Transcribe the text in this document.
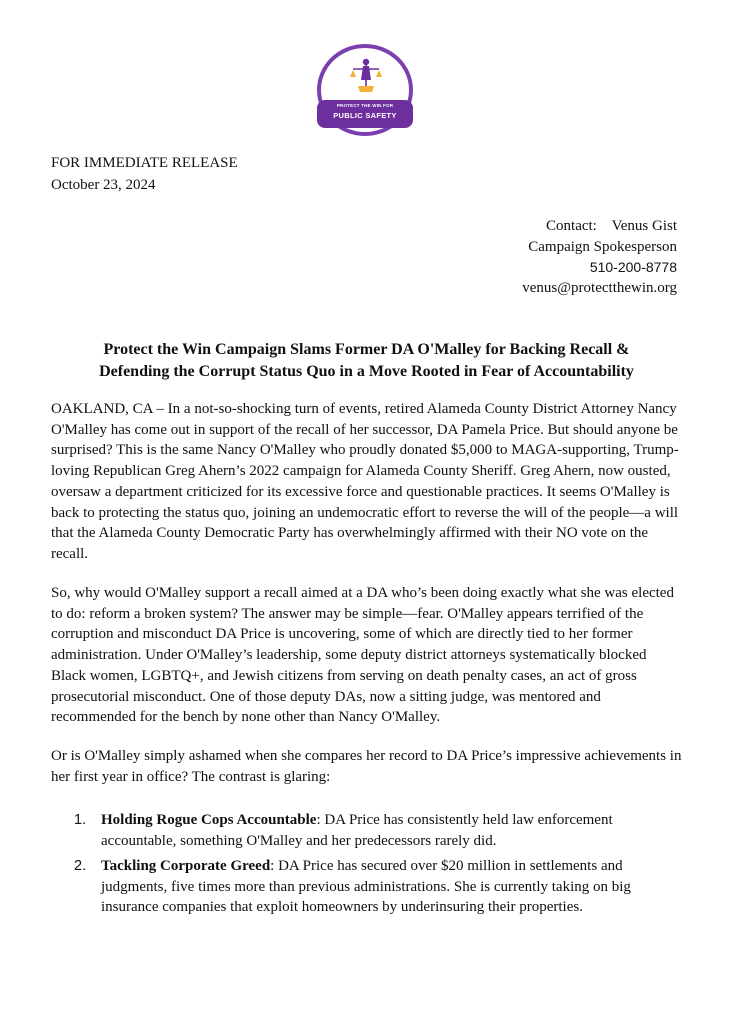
PROTECT THE WIN FOR
PUBLIC SAFETY
FOR IMMEDIATE RELEASE
October 23, 2024
Contact:    Venus Gist
Campaign Spokesperson
510-200-8778
venus@protectthewin.org
Protect the Win Campaign Slams Former DA O'Malley for Backing Recall &
Defending the Corrupt Status Quo in a Move Rooted in Fear of Accountability

OAKLAND, CA – In a not-so-shocking turn of events, retired Alameda County District Attorney Nancy O'Malley has come out in support of the recall of her successor, DA Pamela Price. But should anyone be surprised? This is the same Nancy O'Malley who proudly donated $5,000 to MAGA-supporting, Trump-loving Republican Greg Ahern’s 2022 campaign for Alameda County Sheriff. Greg Ahern, now ousted, oversaw a department criticized for its excessive force and questionable practices. It seems O'Malley is back to protecting the status quo, joining an undemocratic effort to reverse the will of the people—a will that the Alameda County Democratic Party has overwhelmingly affirmed with their NO vote on the recall.

So, why would O'Malley support a recall aimed at a DA who’s been doing exactly what she was elected to do: reform a broken system? The answer may be simple—fear. O'Malley appears terrified of the corruption and misconduct DA Price is uncovering, some of which are directly tied to her former administration. Under O'Malley’s leadership, some deputy district attorneys systematically blocked Black women, LGBTQ+, and Jewish citizens from serving on death penalty cases, an act of gross prosecutorial misconduct. One of those deputy DAs, now a sitting judge, was mentored and recommended for the bench by none other than Nancy O'Malley.

Or is O'Malley simply ashamed when she compares her record to DA Price’s impressive achievements in her first year in office? The contrast is glaring:

1. Holding Rogue Cops Accountable: DA Price has consistently held law enforcement accountable, something O'Malley and her predecessors rarely did.
2. Tackling Corporate Greed: DA Price has secured over $20 million in settlements and judgments, five times more than previous administrations. She is currently taking on big insurance companies that exploit homeowners by underinsuring their properties.
